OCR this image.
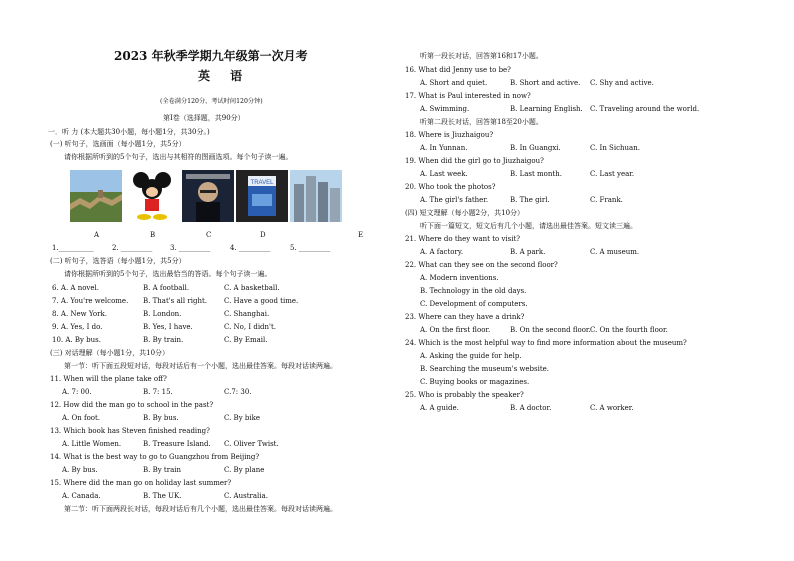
2023 年秋季学期九年级第一次月考
英 语
(全卷满分120分，考试时间120分钟)
第I卷（选择题，共90分）
一．听 力 (本大题共30小题，每小题1分，共30分。)
(一) 听句子，选画面（每小题1分，共5分）
请你根据所听到的5个句子，选出与其相符的图画选项。每个句子读一遍。
TRAVEL
A	B	C	D	E
1.__________	2. _________	3. _________	4. _________	5. _________
(二) 听句子，选答语（每小题1分，共5分）
请你根据所听到的5个句子，选出最恰当的答语。每个句子读一遍。
6. A. A novel.	B. A football.	C. A basketball.
7. A. You're welcome. B. That's all right. C. Have a good time.
8. A. New York.	B. London.	C. Shanghai.
9. A. Yes, I do.	B. Yes, I have.	C. No, I didn't.
10. A. By bus.	B. By train.	C. By Email.
(三) 对话理解（每小题1分，共10分）
第一节：听下面五段短对话，每段对话后有一个小题，选出最佳答案。每段对话读两遍。
11. When will the plane take off?
A. 7: 00.	B. 7: 15.	C.7: 30.
12. How did the man go to school in the past?
A. On foot.	B. By bus.	C. By bike
13. Which book has Steven finished reading?
A. Little Women.	B. Treasure Island. C. Oliver Twist.
14. What is the best way to go to Guangzhou from Beijing?
A. By bus.	B. By train	C. By plane
15. Where did the man go on holiday last summer?
A. Canada.	B. The UK.	C. Australia.
第二节：听下面两段长对话，每段对话后有几个小题，选出最佳答案。每段对话读两遍。
听第一段长对话，回答第16和17小题。
16. What did Jenny use to be?
A. Short and quiet.	B. Short and active. C. Shy and active.
17. What is Paul interested in now?
A. Swimming.	B. Learning English. C. Traveling around the world.
听第二段长对话，回答第18至20小题。
18. Where is Jiuzhaigou?
A. In Yunnan.	B. In Guangxi.	C. In Sichuan.
19. When did the girl go to Jiuzhaigou?
A. Last week.	B. Last month.	C. Last year.
20. Who took the photos?
A. The girl's father.	B. The girl.	C. Frank.
(四) 短文理解（每小题2分，共10分）
听下面一篇短文，短文后有几个小题，请选出最佳答案。短文读三遍。
21. Where do they want to visit?
A. A factory.	B. A park.	C. A museum.
22. What can they see on the second floor?
A. Modern inventions.
B. Technology in the old days.
C. Development of computers.
23. Where can they have a drink?
A. On the first floor.	B. On the second floor. C. On the fourth floor.
24. Which is the most helpful way to find more information about the museum?
A. Asking the guide for help.
B. Searching the museum's website.
C. Buying books or magazines.
25. Who is probably the speaker?
A. A guide.	B. A doctor.	C. A worker.
